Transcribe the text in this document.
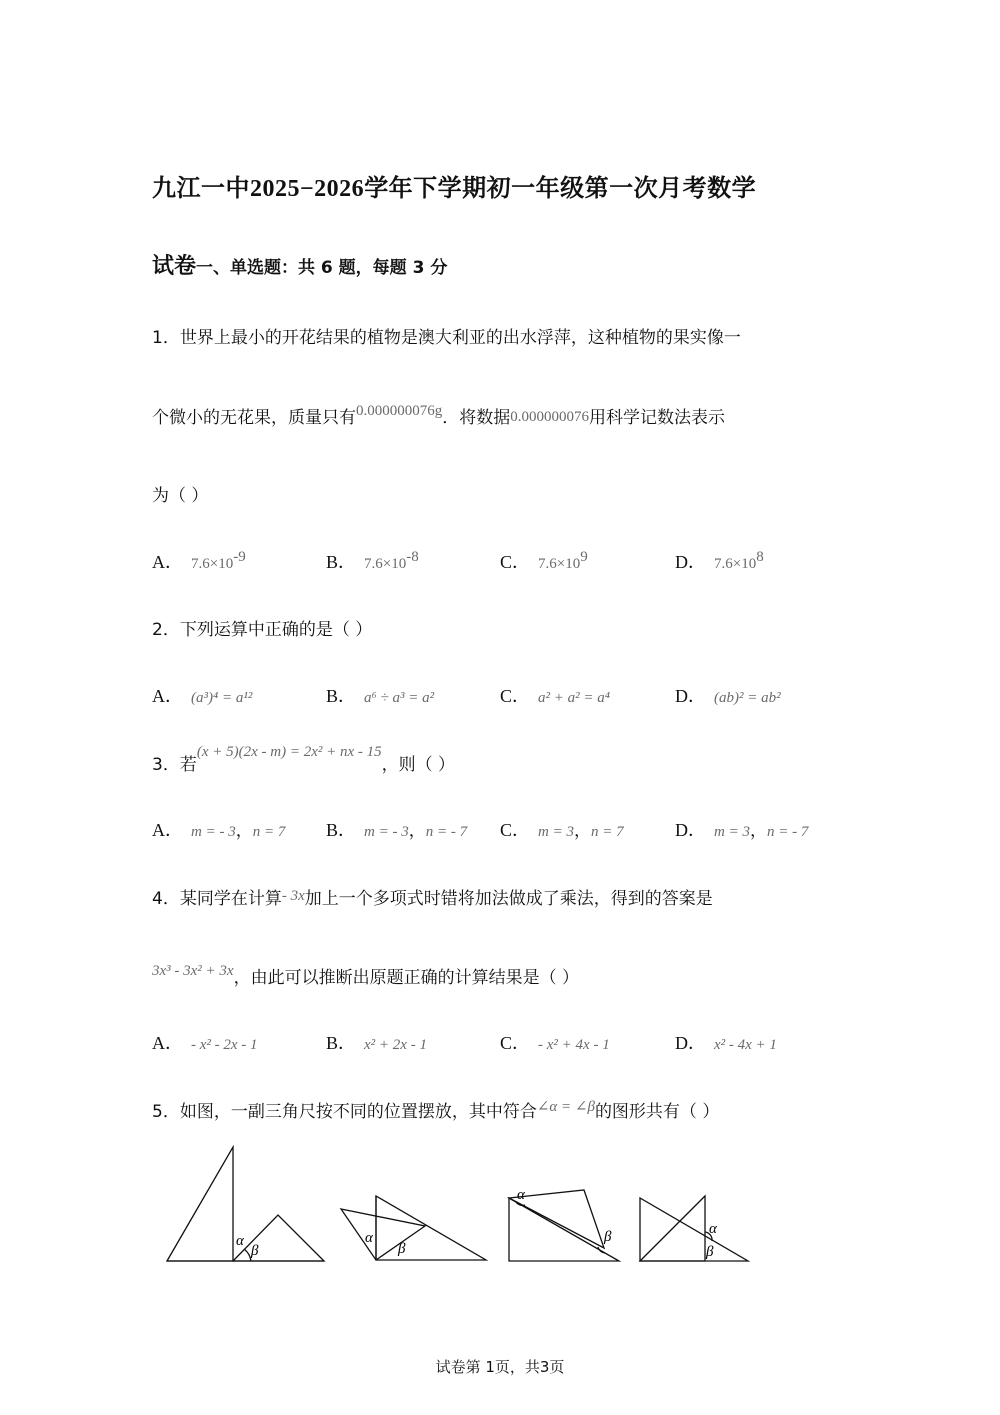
九江一中2025−2026学年下学期初一年级第一次月考数学
试卷一、单选题：共 6 题，每题 3 分
1．世界上最小的开花结果的植物是澳大利亚的出水浮萍，这种植物的果实像一
个微小的无花果，质量只有0.000000076g．将数据0.000000076用科学记数法表示
为（ ）
A． $7.6\times 10^{-9}$	B． $7.6\times 10^{-8}$	C． $7.6\times 10^9$	D． $7.6\times 10^8$
2．下列运算中正确的是（ ）
A． (a³)⁴ = a¹²	B． a⁶ ÷ a³ = a²	C． a² + a² = a⁴	D． (ab)² = ab²
3．若(x + 5)(2x - m) = 2x² + nx - 15，则（ ）
A． m = - 3，n = 7 B． m = - 3，n = - 7 C． m = 3，n = 7	D． m = 3，n = - 7
4．某同学在计算- 3x加上一个多项式时错将加法做成了乘法，得到的答案是
3x³ - 3x² + 3x，由此可以推断出原题正确的计算结果是（ ）
A． - x² - 2x - 1	B． x² + 2x - 1	C． - x² + 4x - 1	D． x² - 4x + 1
5．如图，一副三角尺按不同的位置摆放，其中符合∠α = ∠β的图形共有（ ）
α
β
α
β
α
β	α
β
试卷第 1页，共3页
